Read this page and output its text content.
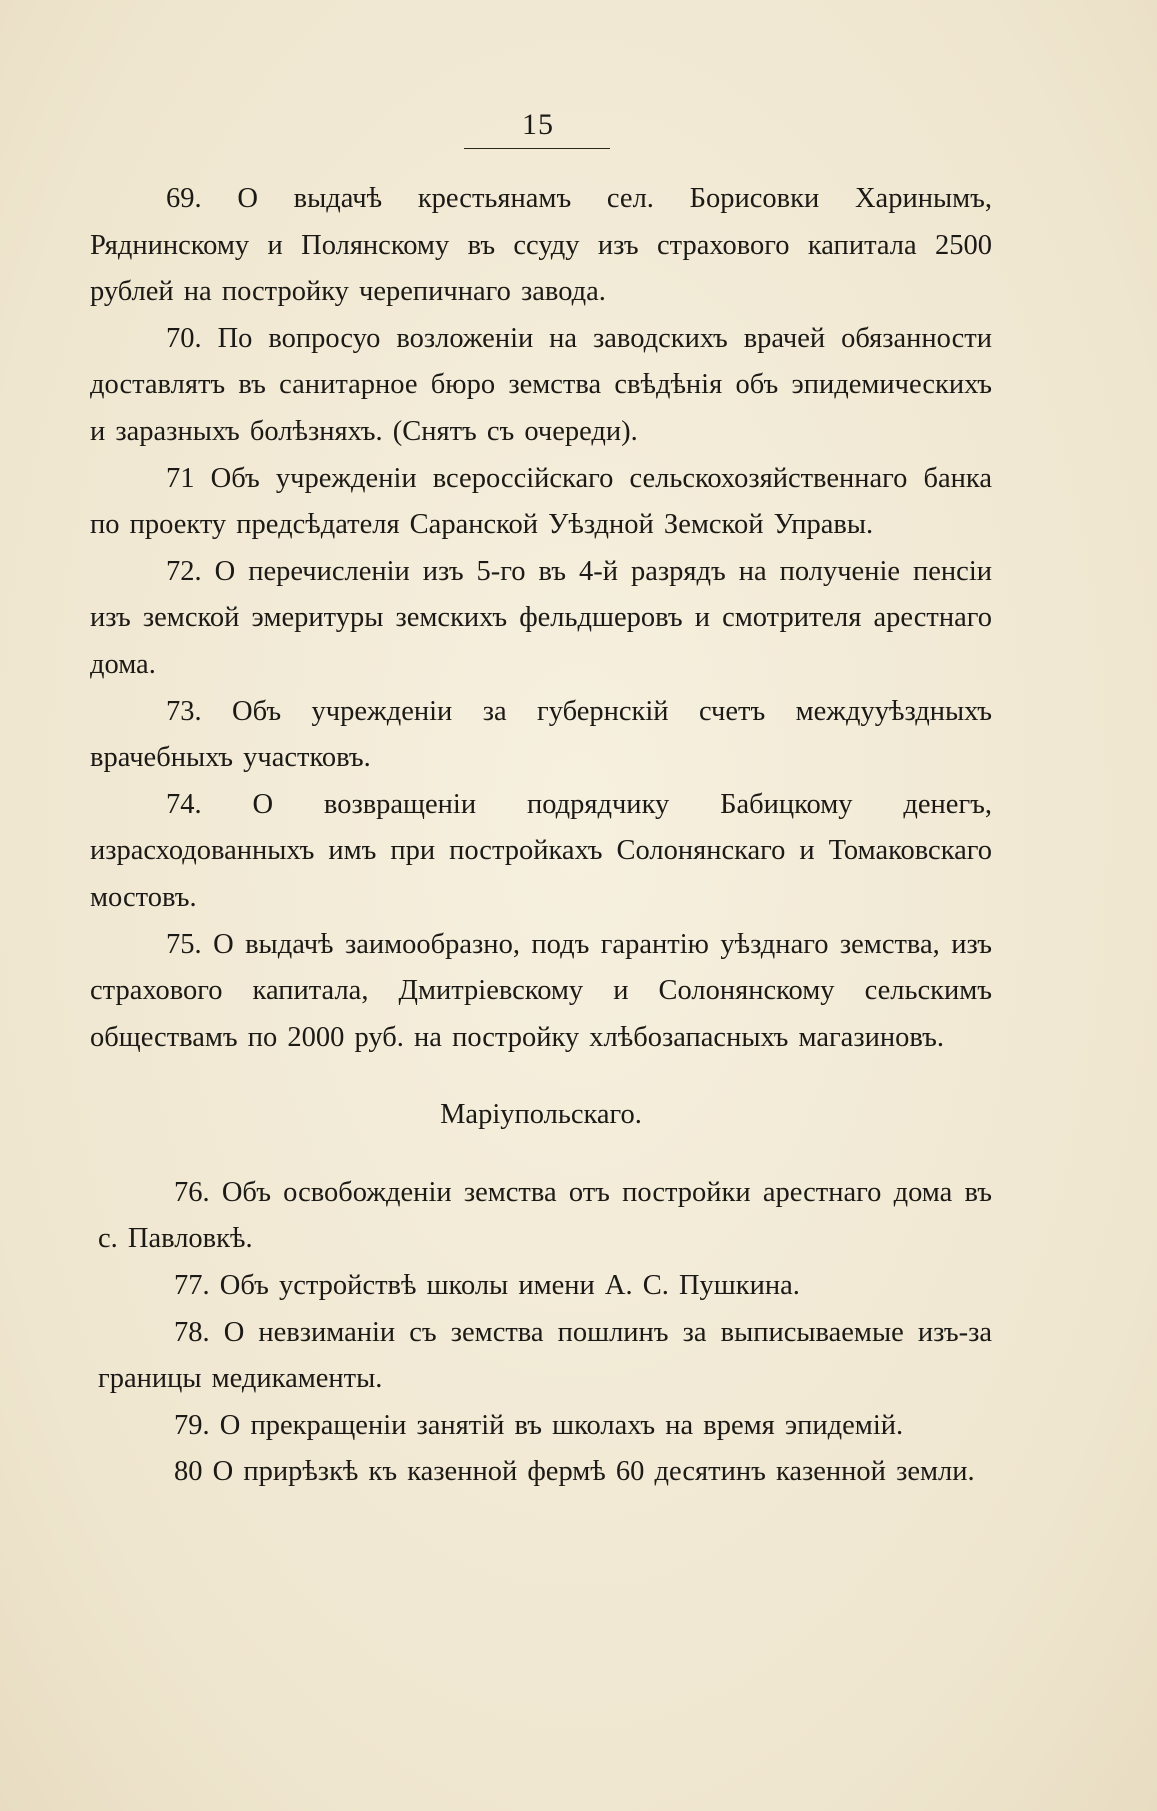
15

69. О выдачѣ крестьянамъ сел. Борисовки Харинымъ, Ряднинскому и Полянскому въ ссуду изъ страхового капитала 2500 рублей на постройку черепичнаго завода.

70. По вопросуо возложенiи на заводскихъ врачей обязанности доставлятъ въ санитарное бюро земства свѣдѣнiя объ эпидемическихъ и заразныхъ болѣзняхъ. (Снятъ съ очереди).

71 Объ учрежденiи всероссiйскаго сельскохозяйственнаго банка по проекту предсѣдателя Саранской Уѣздной Земской Управы.

72. О перечисленiи изъ 5-го въ 4-й разрядъ на полученiе пенсiи изъ земской эмеритуры земскихъ фельдшеровъ и смотрителя арестнаго дома.

73. Объ учрежденiи за губернскiй счетъ междууѣздныхъ врачебныхъ участковъ.

74. О возвращенiи подрядчику Бабицкому денегъ, израсходованныхъ имъ при постройкахъ Солонянскаго и Томаковскаго мостовъ.

75. О выдачѣ заимообразно, подъ гарантiю уѣзднаго земства, изъ страхового капитала, Дмитрiевскому и Солонянскому сельскимъ обществамъ по 2000 руб. на постройку хлѣбозапасныхъ магазиновъ.

Марiупольскаго.

76. Объ освобожденiи земства отъ постройки арестнаго дома въ с. Павловкѣ.

77. Объ устройствѣ школы имени А. С. Пушкина.

78. О невзиманiи съ земства пошлинъ за выписываемые изъ-за границы медикаменты.

79. О прекращенiи занятiй въ школахъ на время эпидемiй.

80 О прирѣзкѣ къ казенной фермѣ 60 десятинъ казенной земли.
